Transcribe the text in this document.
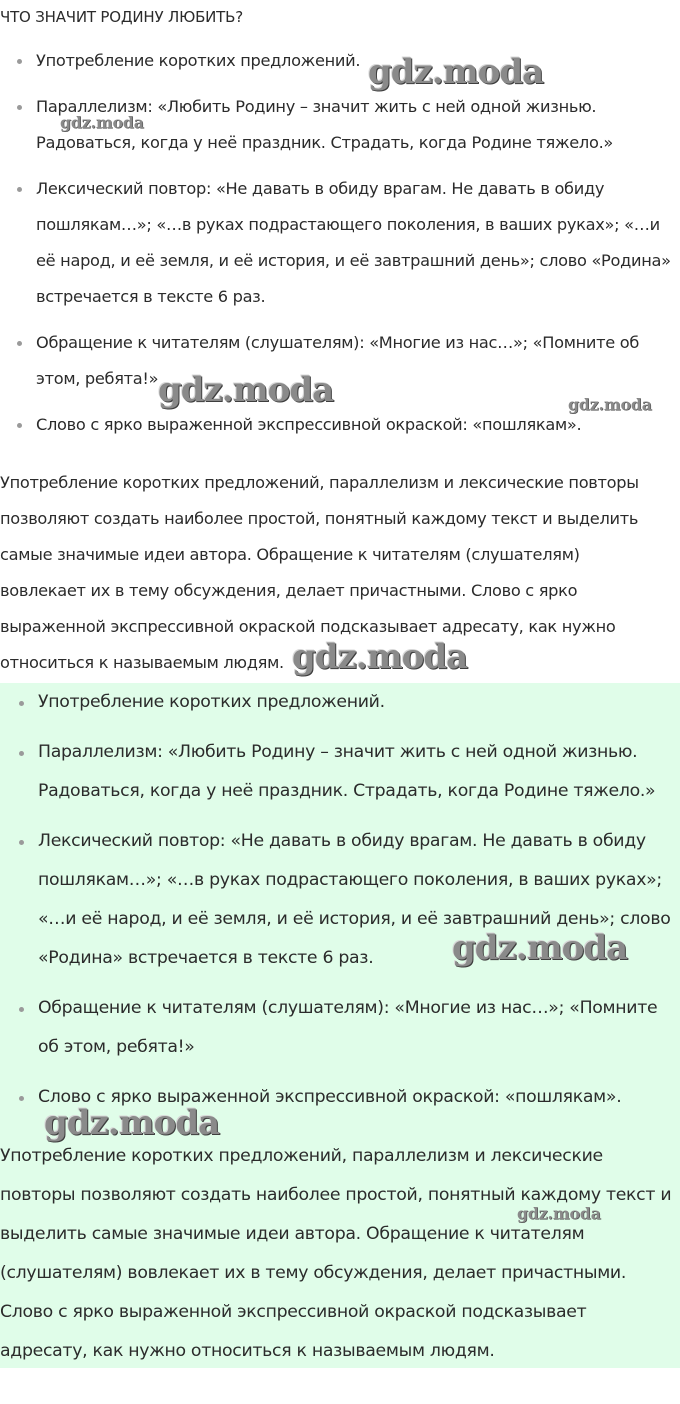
ЧТО ЗНАЧИТ РОДИНУ ЛЮБИТЬ?
Употребление коротких предложений.
Параллелизм: «Любить Родину – значит жить с ней одной жизнью. Радоваться, когда у неё праздник. Страдать, когда Родине тяжело.»
Лексический повтор: «Не давать в обиду врагам. Не давать в обиду пошлякам…»; «…в руках подрастающего поколения, в ваших руках»; «…и её народ, и её земля, и её история, и её завтрашний день»; слово «Родина» встречается в тексте 6 раз.
Обращение к читателям (слушателям): «Многие из нас…»; «Помните об этом, ребята!»
Слово с ярко выраженной экспрессивной окраской: «пошлякам».

Употребление коротких предложений, параллелизм и лексические повторы позволяют создать наиболее простой, понятный каждому текст и выделить самые значимые идеи автора. Обращение к читателям (слушателям) вовлекает их в тему обсуждения, делает причастными. Слово с ярко выраженной экспрессивной окраской подсказывает адресату, как нужно относиться к называемым людям.

Употребление коротких предложений.
Параллелизм: «Любить Родину – значит жить с ней одной жизнью. Радоваться, когда у неё праздник. Страдать, когда Родине тяжело.»
Лексический повтор: «Не давать в обиду врагам. Не давать в обиду пошлякам…»; «…в руках подрастающего поколения, в ваших руках»; «…и её народ, и её земля, и её история, и её завтрашний день»; слово «Родина» встречается в тексте 6 раз.
Обращение к читателям (слушателям): «Многие из нас…»; «Помните об этом, ребята!»
Слово с ярко выраженной экспрессивной окраской: «пошлякам».

Употребление коротких предложений, параллелизм и лексические повторы позволяют создать наиболее простой, понятный каждому текст и выделить самые значимые идеи автора. Обращение к читателям (слушателям) вовлекает их в тему обсуждения, делает причастными. Слово с ярко выраженной экспрессивной окраской подсказывает адресату, как нужно относиться к называемым людям.

gdz.moda
gdz.moda
gdz.moda	gdz.moda
gdz.moda
gdz.moda
gdz.moda
gdz.moda
